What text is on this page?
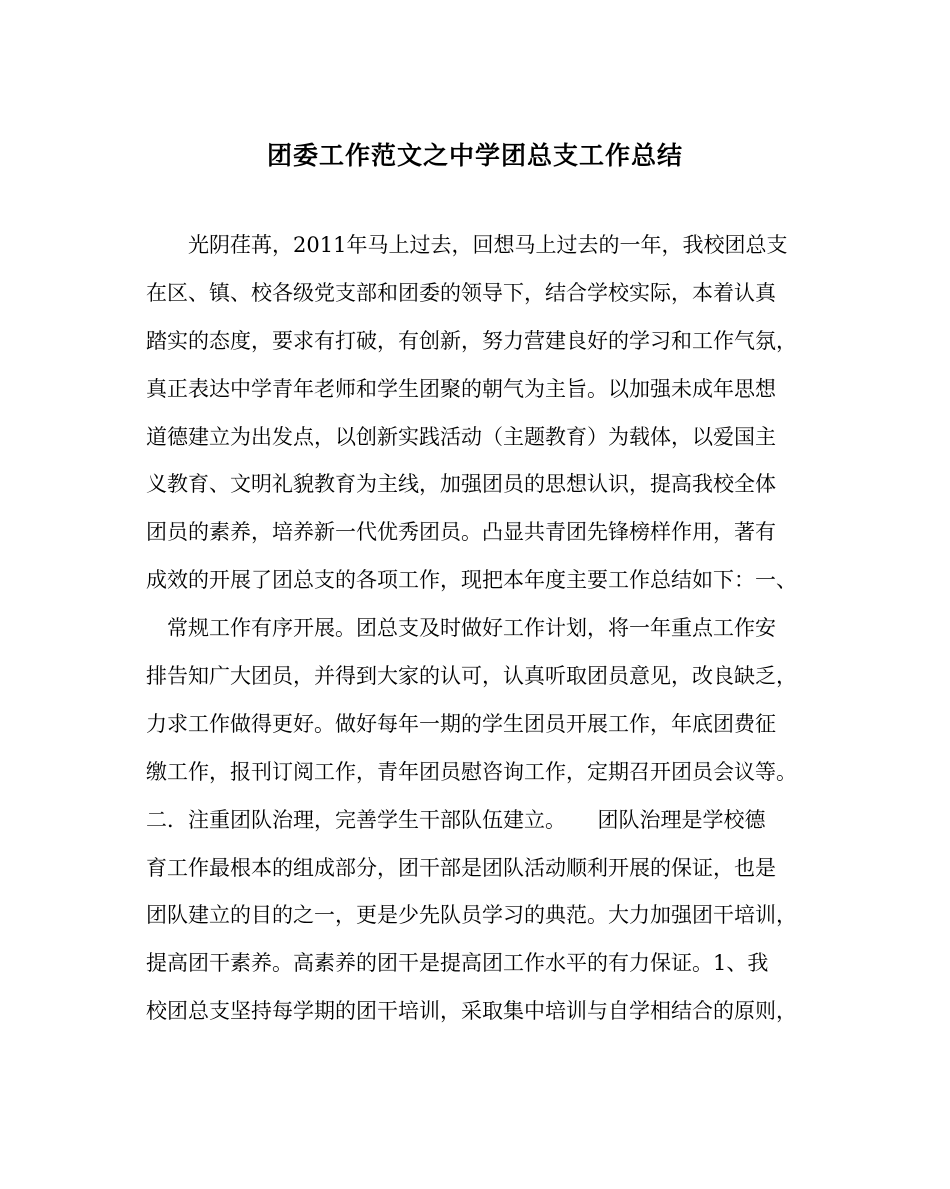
团委工作范文之中学团总支工作总结
　　光阴荏苒，2011年马上过去，回想马上过去的一年，我校团总支
在区、镇、校各级党支部和团委的领导下，结合学校实际，本着认真
踏实的态度，要求有打破，有创新，努力营建良好的学习和工作气氛，
真正表达中学青年老师和学生团聚的朝气为主旨。以加强未成年思想
道德建立为出发点，以创新实践活动（主题教育）为载体，以爱国主
义教育、文明礼貌教育为主线，加强团员的思想认识，提高我校全体
团员的素养，培养新一代优秀团员。凸显共青团先锋榜样作用，著有
成效的开展了团总支的各项工作，现把本年度主要工作总结如下：一、
　常规工作有序开展。团总支及时做好工作计划，将一年重点工作安
排告知广大团员，并得到大家的认可，认真听取团员意见，改良缺乏，
力求工作做得更好。做好每年一期的学生团员开展工作，年底团费征
缴工作，报刊订阅工作，青年团员慰咨询工作，定期召开团员会议等。
二．注重团队治理，完善学生干部队伍建立。　　团队治理是学校德
育工作最根本的组成部分，团干部是团队活动顺利开展的保证，也是
团队建立的目的之一，更是少先队员学习的典范。大力加强团干培训，
提高团干素养。高素养的团干是提高团工作水平的有力保证。1、我
校团总支坚持每学期的团干培训，采取集中培训与自学相结合的原则，
